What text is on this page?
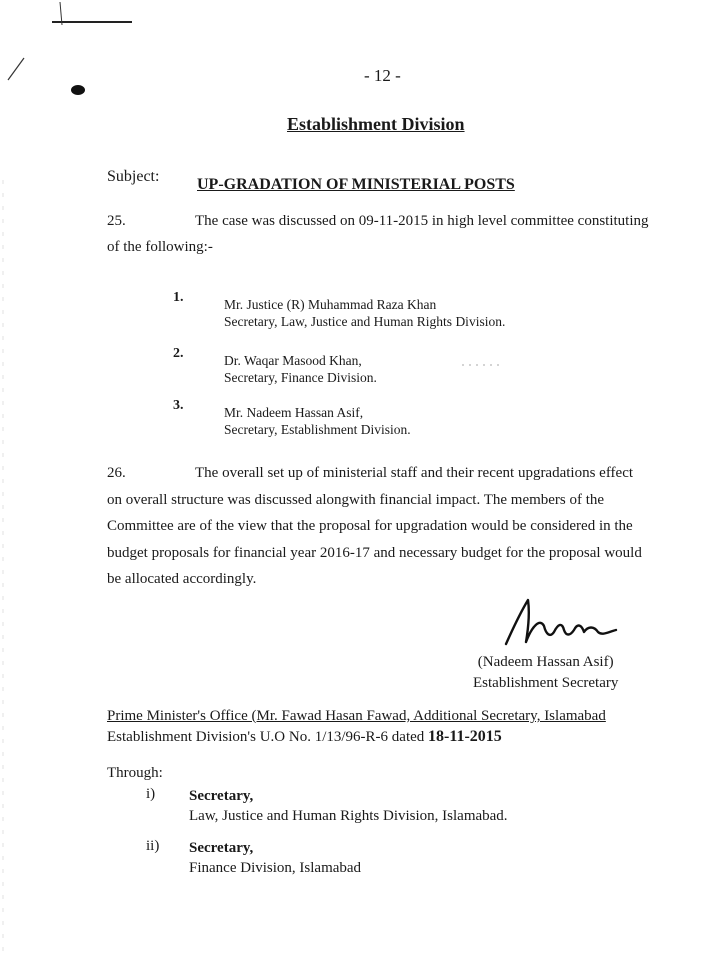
- 12 -
Establishment Division
Subject: UP-GRADATION OF MINISTERIAL POSTS
25.	The case was discussed on 09-11-2015 in high level committee constituting of the following:-
1.	Mr. Justice (R) Muhammad Raza Khan
Secretary, Law, Justice and Human Rights Division.
2.	Dr. Waqar Masood Khan,
Secretary, Finance Division.
3.	Mr. Nadeem Hassan Asif,
Secretary, Establishment Division.
26.	The overall set up of ministerial staff and their recent upgradations effect on overall structure was discussed alongwith financial impact. The members of the Committee are of the view that the proposal for upgradation would be considered in the budget proposals for financial year 2016-17 and necessary budget for the proposal would be allocated accordingly.
(Nadeem Hassan Asif)
Establishment Secretary
Prime Minister's Office (Mr. Fawad Hasan Fawad, Additional Secretary, Islamabad
Establishment Division's U.O No. 1/13/96-R-6 dated 18-11-2015
Through:
i) Secretary,
Law, Justice and Human Rights Division, Islamabad.
ii) Secretary,
Finance Division, Islamabad
